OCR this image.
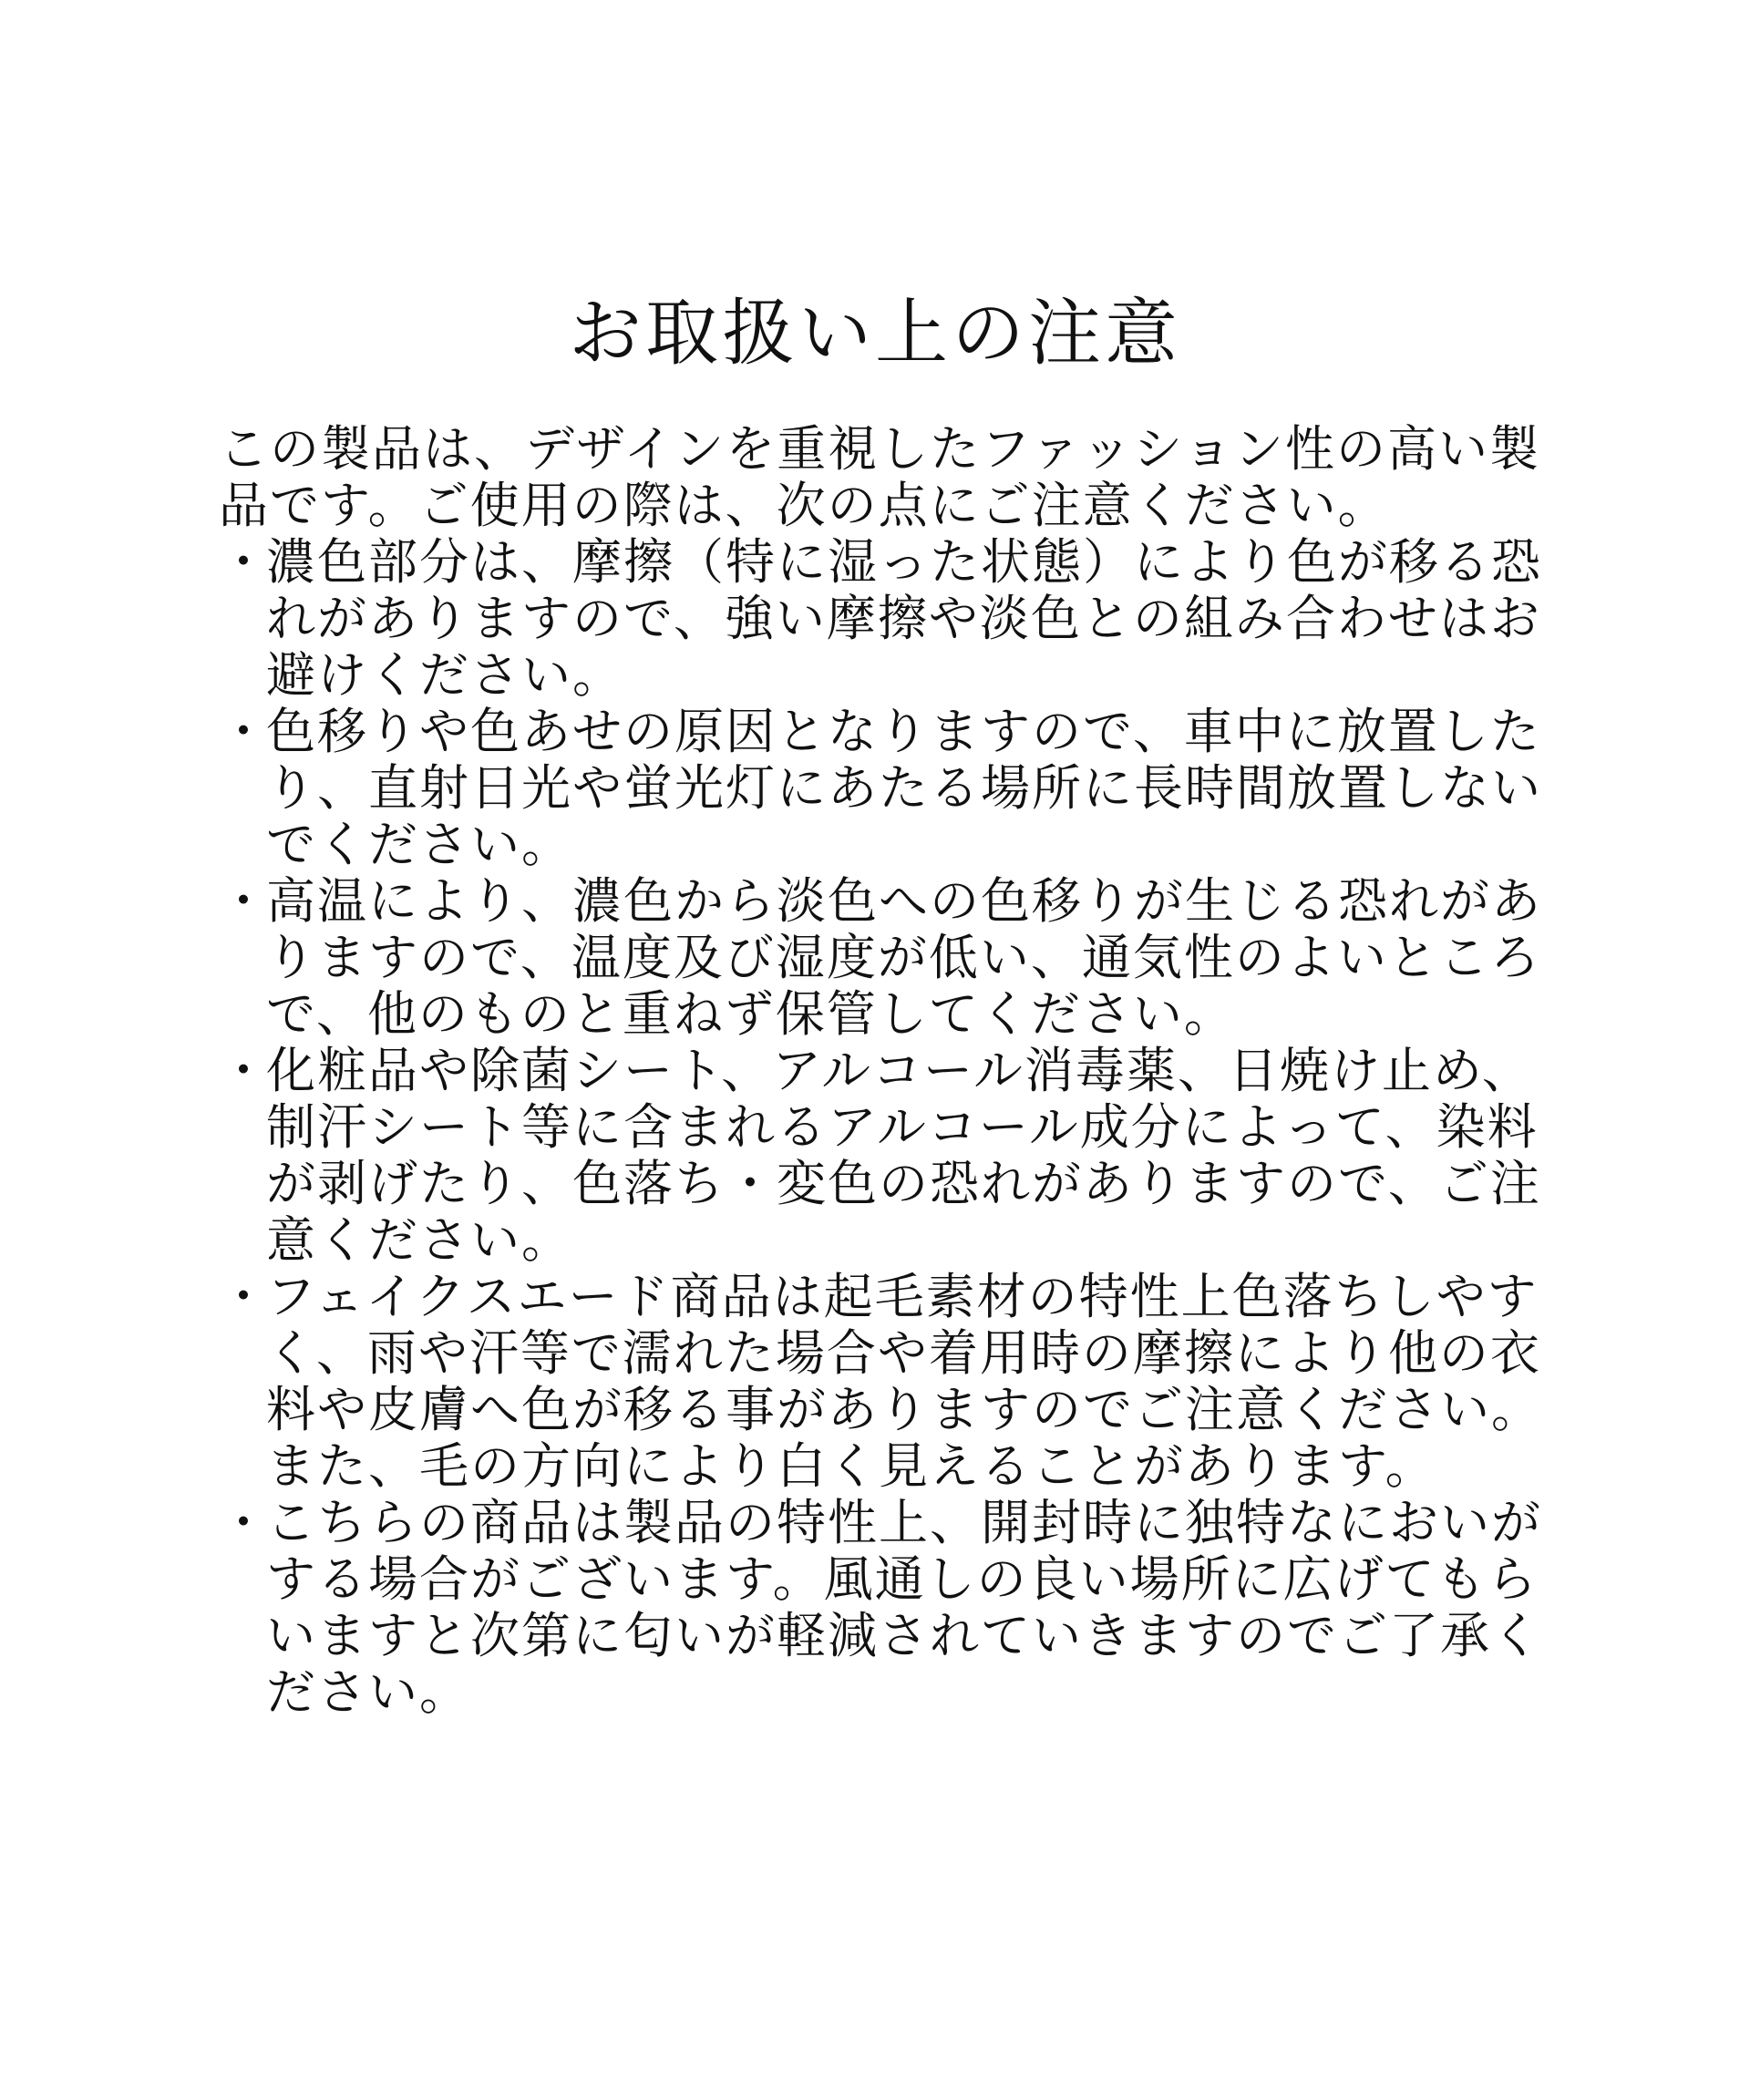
お取扱い上の注意

この製品は、デザインを重視したファッション性の高い製品です。ご使用の際は、次の点にご注意ください。

・

濃色部分は、摩擦（特に湿った状態）により色が移る恐れがありますので、強い摩擦や淡色との組み合わせはお避けください。

・

色移りや色あせの原因となりますので、車中に放置したり、直射日光や蛍光灯にあたる場所に長時間放置しないでください。

・

高温により、濃色から淡色への色移りが生じる恐れがありますので、温度及び湿度が低い、通気性のよいところで、他のものと重ねず保管してください。

・

化粧品や除菌シート、アルコール消毒薬、日焼け止め、制汗シート等に含まれるアルコール成分によって、染料が剥げたり、色落ち・変色の恐れがありますので、ご注意ください。

・

フェイクスエード商品は起毛素材の特性上色落ちしやすく、雨や汗等で濡れた場合や着用時の摩擦により他の衣料や皮膚へ色が移る事がありますのでご注意ください。また、毛の方向により白く見えることがあります。

・

こちらの商品は製品の特性上、開封時に独特なにおいがする場合がございます。風通しの良い場所に広げてもらいますと次第に匂いが軽減されていきますのでご了承ください。
